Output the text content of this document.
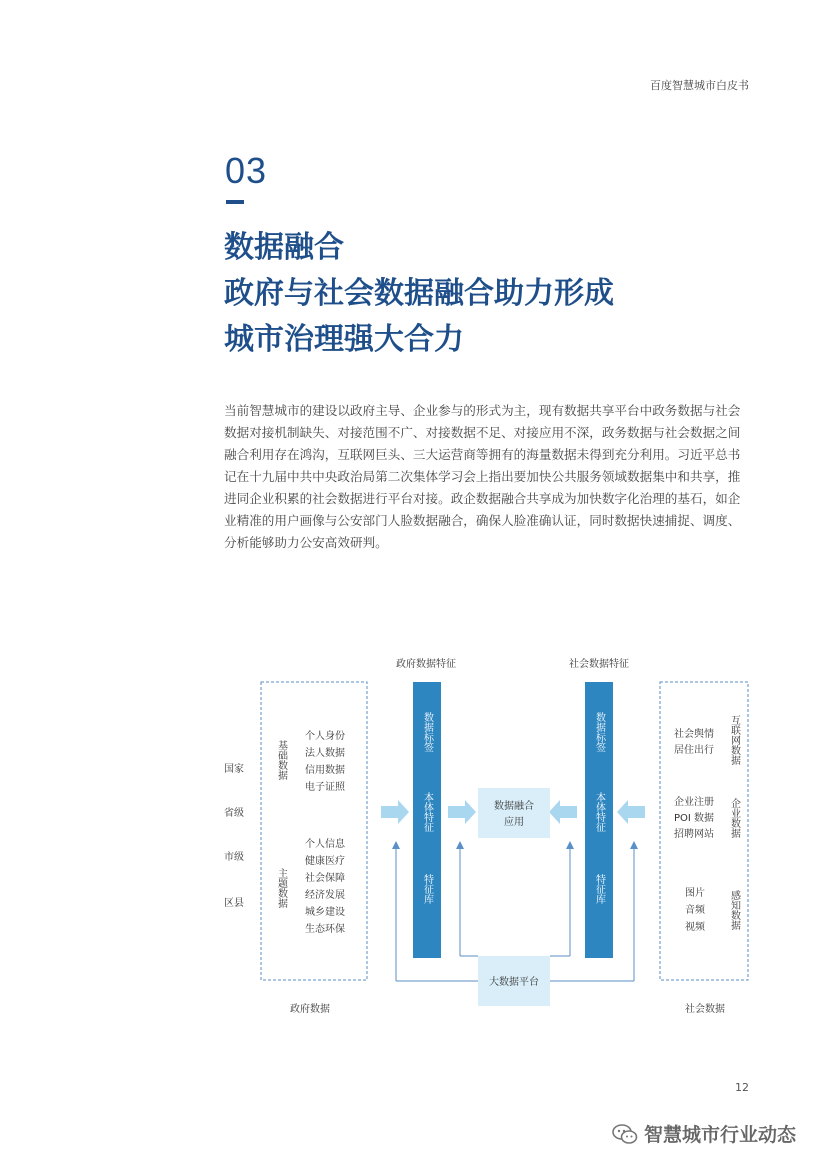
百度智慧城市白皮书
03
数据融合
政府与社会数据融合助力形成
城市治理强大合力
当前智慧城市的建设以政府主导、企业参与的形式为主，现有数据共享平台中政务数据与社会
数据对接机制缺失、对接范围不广、对接数据不足、对接应用不深，政务数据与社会数据之间
融合利用存在鸿沟，互联网巨头、三大运营商等拥有的海量数据未得到充分利用。习近平总书
记在十九届中共中央政治局第二次集体学习会上指出要加快公共服务领域数据集中和共享，推
进同企业积累的社会数据进行平台对接。政企数据融合共享成为加快数字化治理的基石，如企
业精准的用户画像与公安部门人脸数据融合，确保人脸准确认证，同时数据快速捕捉、调度、
分析能够助力公安高效研判。
政府数据特征	社会数据特征
国家
省级
市级
区县
基础数据
个人身份
法人数据
信用数据
电子证照
主题数据
个人信息
健康医疗
社会保障
经济发展
城乡建设
生态环保
数据标签
本体特征
特征库
数据标签
本体特征
特征库
数据融合
应用
大数据平台
社会舆情
居住出行 互联网数据
企业注册
POI 数据
招聘网站 企业数据
图片
音频
视频 感知数据
政府数据	社会数据
12
智慧城市行业动态
